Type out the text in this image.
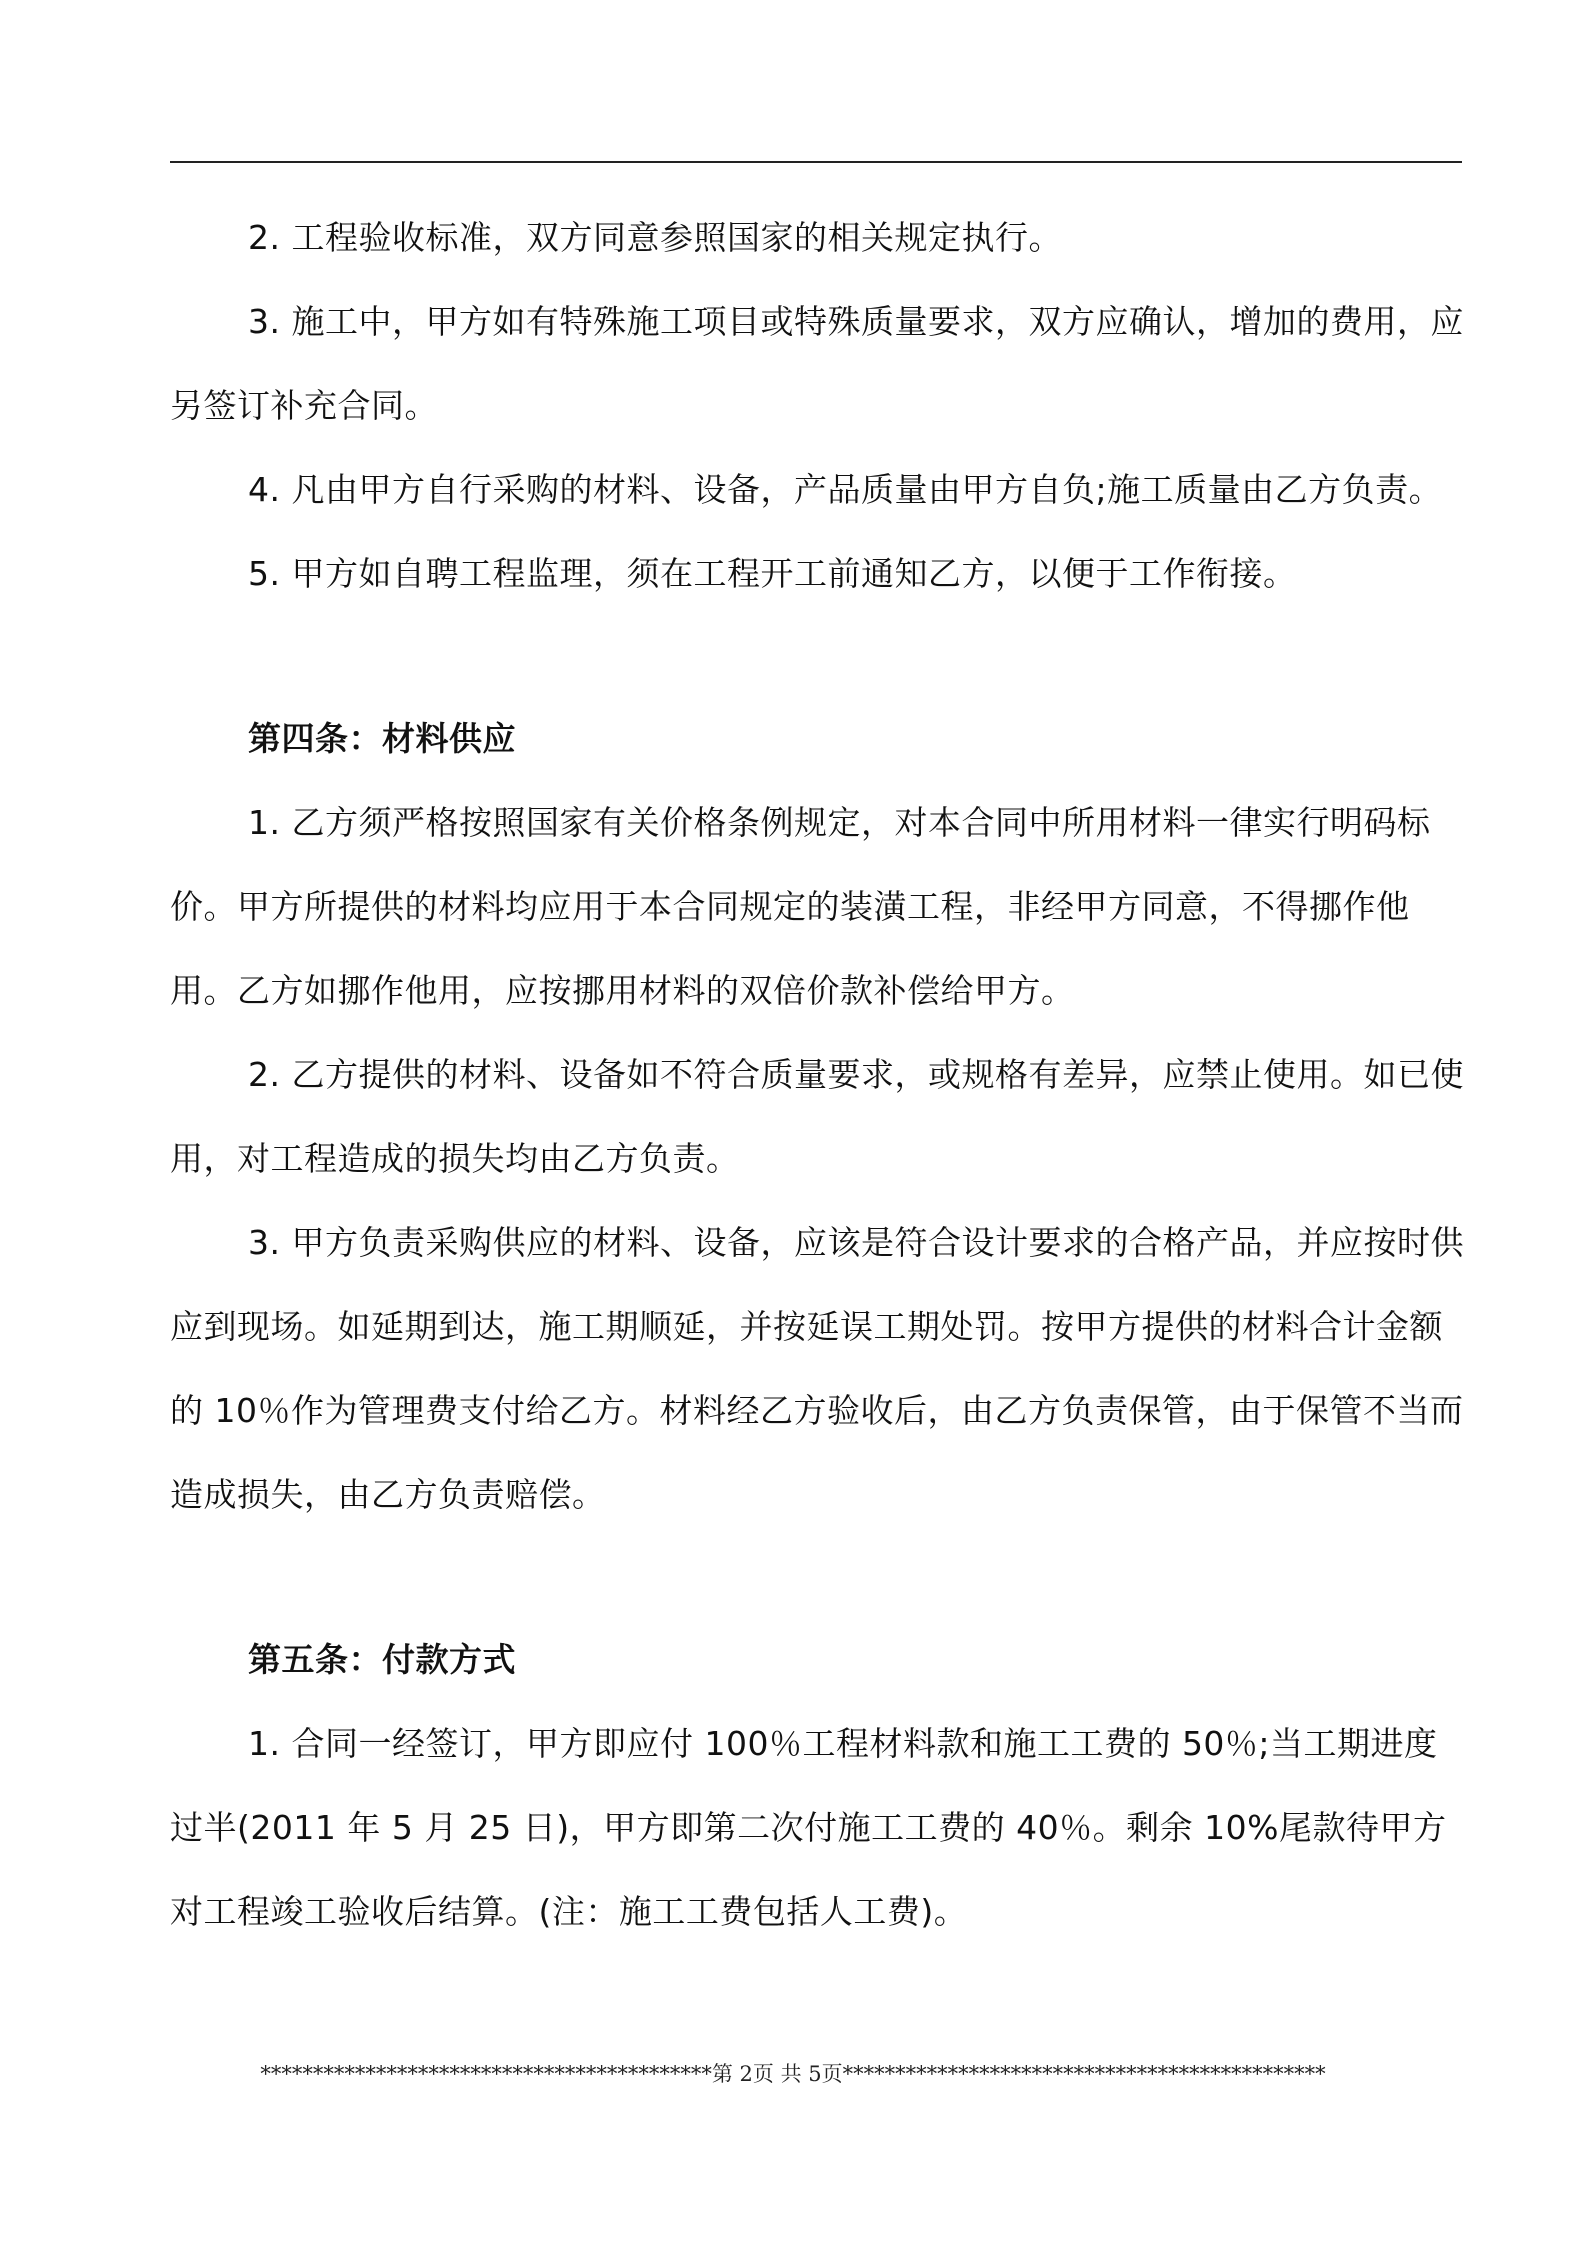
2. 工程验收标准，双方同意参照国家的相关规定执行。

3. 施工中，甲方如有特殊施工项目或特殊质量要求，双方应确认，增加的费用，应另签订补充合同。

4. 凡由甲方自行采购的材料、设备，产品质量由甲方自负;施工质量由乙方负责。

5. 甲方如自聘工程监理，须在工程开工前通知乙方，以便于工作衔接。

第四条：材料供应

1. 乙方须严格按照国家有关价格条例规定，对本合同中所用材料一律实行明码标价。甲方所提供的材料均应用于本合同规定的装潢工程，非经甲方同意，不得挪作他用。乙方如挪作他用，应按挪用材料的双倍价款补偿给甲方。

2. 乙方提供的材料、设备如不符合质量要求，或规格有差异，应禁止使用。如已使用，对工程造成的损失均由乙方负责。

3. 甲方负责采购供应的材料、设备，应该是符合设计要求的合格产品，并应按时供应到现场。如延期到达，施工期顺延，并按延误工期处罚。按甲方提供的材料合计金额的 10％作为管理费支付给乙方。材料经乙方验收后，由乙方负责保管，由于保管不当而造成损失，由乙方负责赔偿。

第五条：付款方式

1. 合同一经签订，甲方即应付 100％工程材料款和施工工费的 50％;当工期进度过半(2011 年 5 月 25 日)，甲方即第二次付施工工费的 40％。剩余 10%尾款待甲方对工程竣工验收后结算。(注：施工工费包括人工费)。

*******************************************第 2页 共 5页**********************************************
